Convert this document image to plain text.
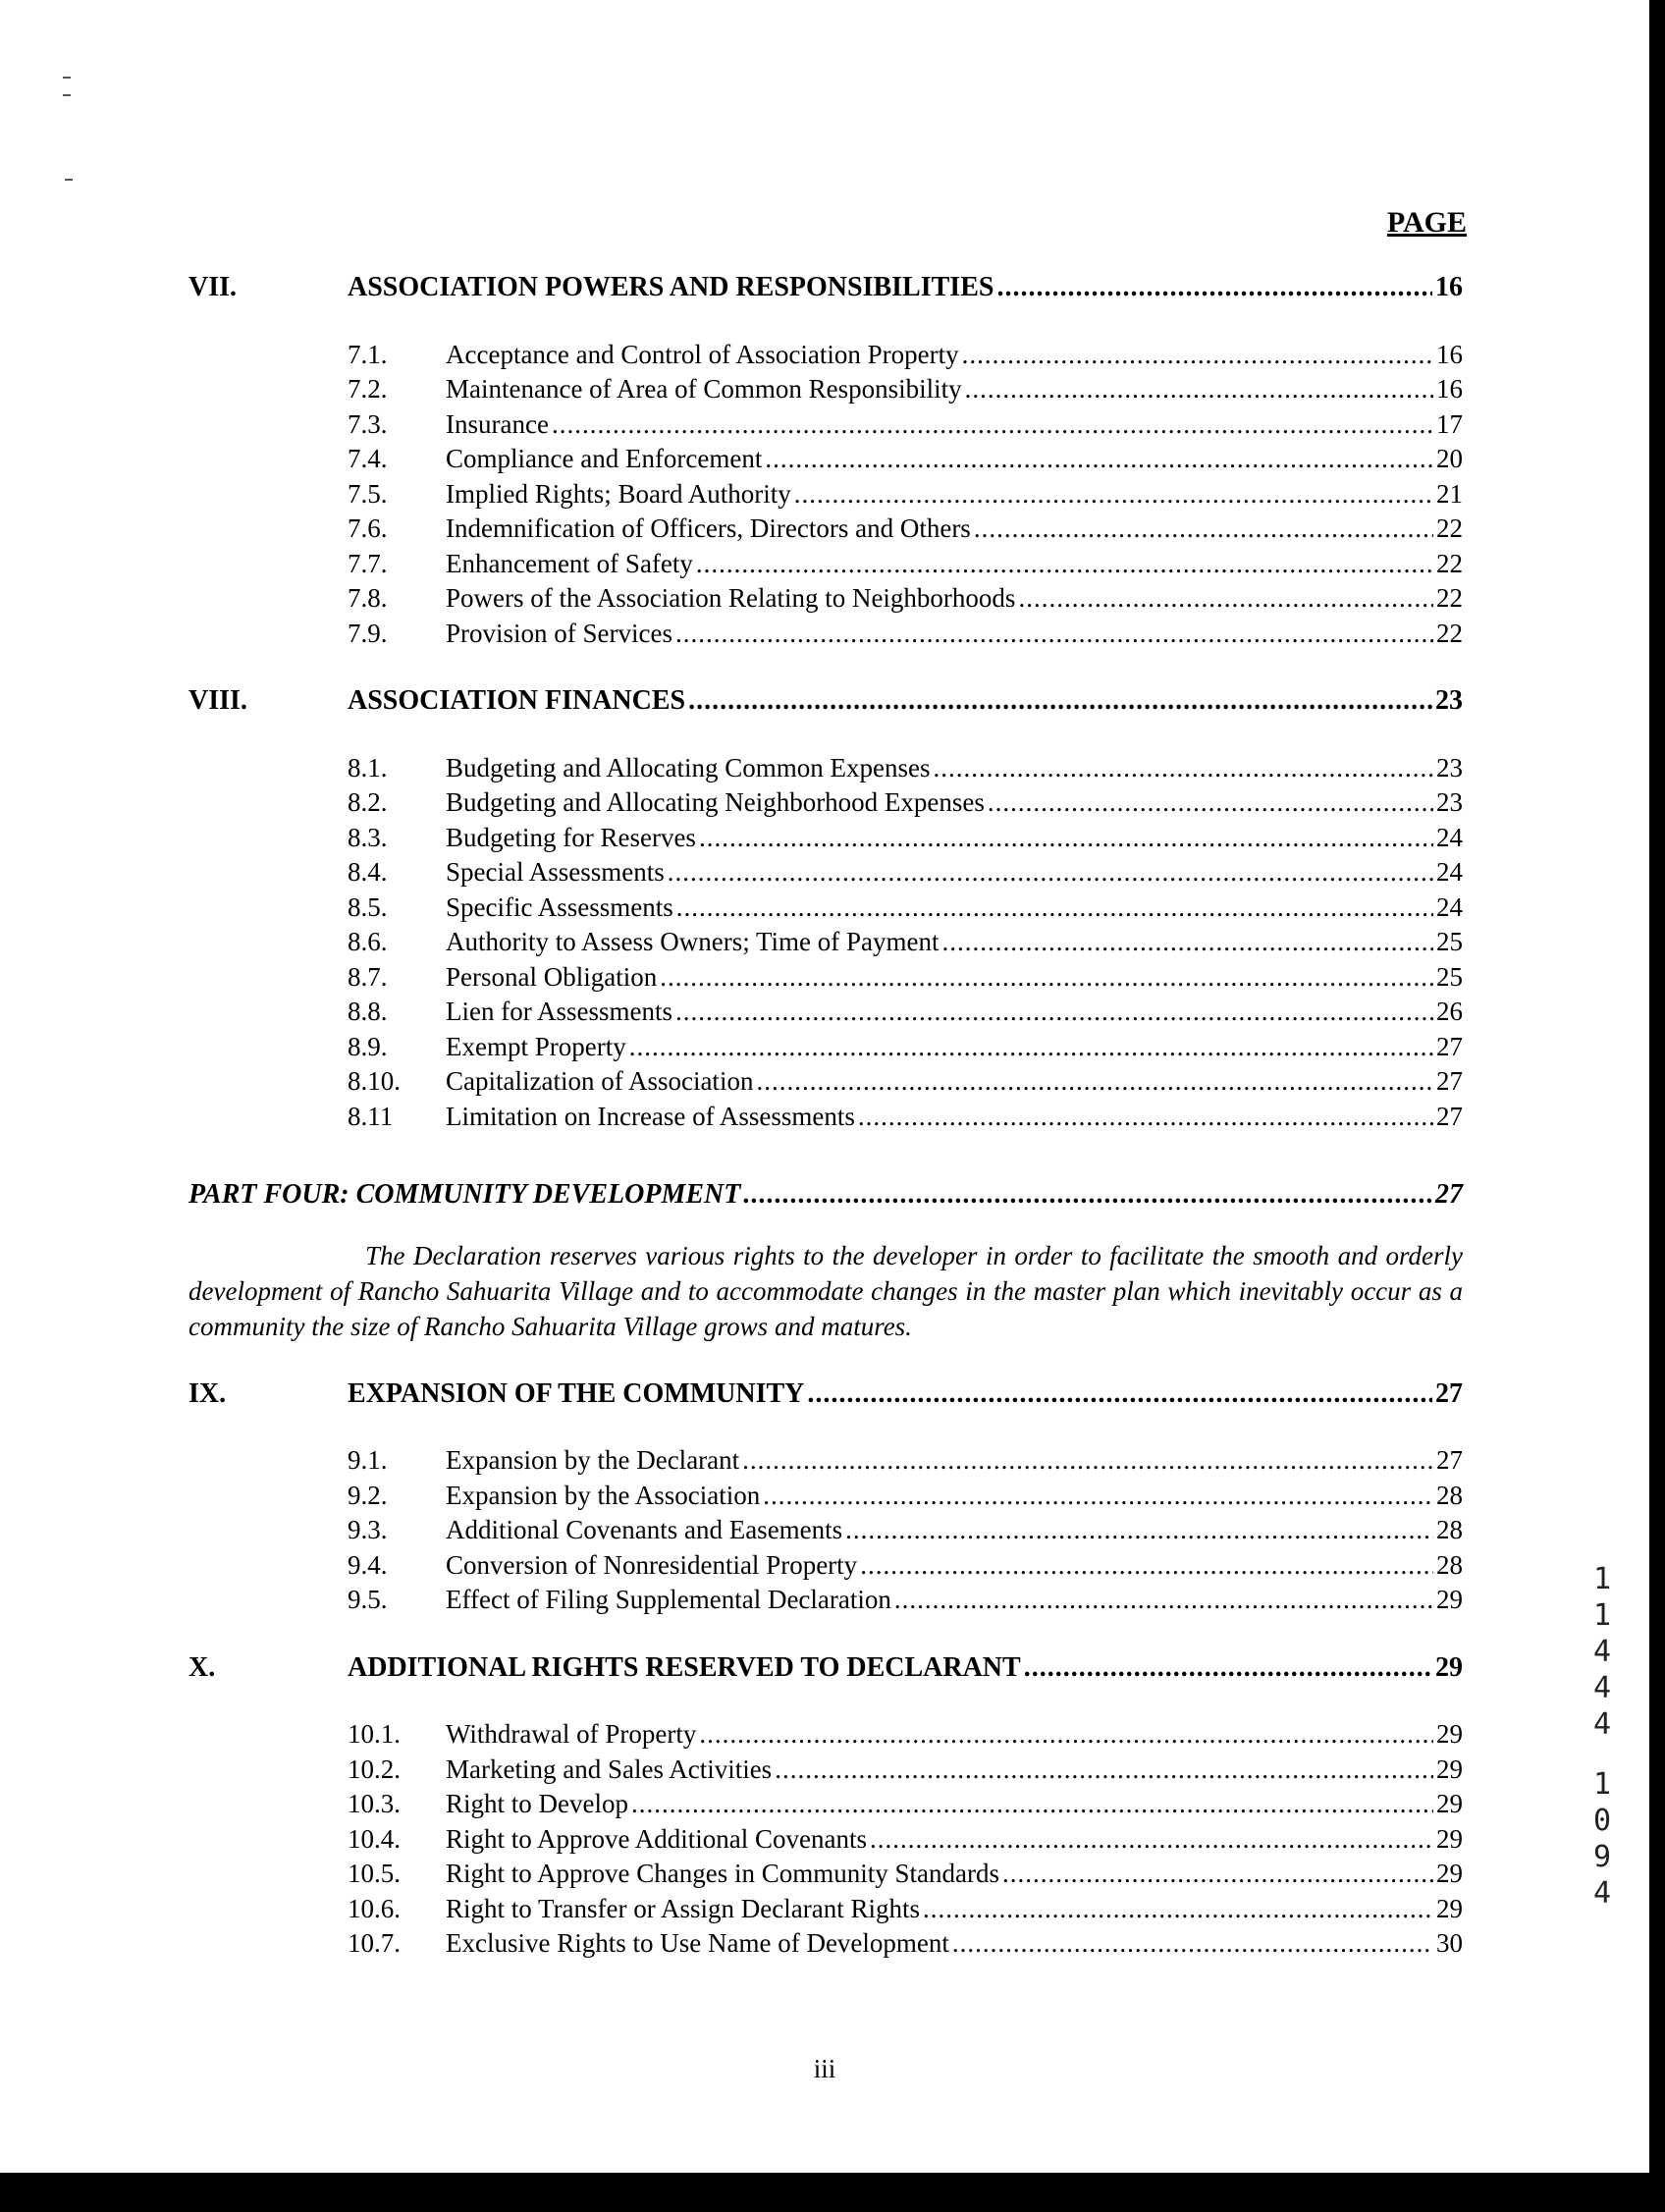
PAGE
VII.	ASSOCIATION POWERS AND RESPONSIBILITIES .....	16
7.1.	Acceptance and Control of Association Property .....	16
7.2.	Maintenance of Area of Common Responsibility .....	16
7.3.	Insurance .....	17
7.4.	Compliance and Enforcement .....	20
7.5.	Implied Rights; Board Authority .....	21
7.6.	Indemnification of Officers, Directors and Others .....	22
7.7.	Enhancement of Safety .....	22
7.8.	Powers of the Association Relating to Neighborhoods .....	22
7.9.	Provision of Services .....	22
VIII.	ASSOCIATION FINANCES .....	23
8.1.	Budgeting and Allocating Common Expenses .....	23
8.2.	Budgeting and Allocating Neighborhood Expenses .....	23
8.3.	Budgeting for Reserves .....	24
8.4.	Special Assessments .....	24
8.5.	Specific Assessments .....	24
8.6.	Authority to Assess Owners; Time of Payment .....	25
8.7.	Personal Obligation .....	25
8.8.	Lien for Assessments .....	26
8.9.	Exempt Property .....	27
8.10.	Capitalization of Association .....	27
8.11	Limitation on Increase of Assessments .....	27
PART FOUR: COMMUNITY DEVELOPMENT .....	27
The Declaration reserves various rights to the developer in order to facilitate the smooth and orderly development of Rancho Sahuarita Village and to accommodate changes in the master plan which inevitably occur as a community the size of Rancho Sahuarita Village grows and matures.
IX.	EXPANSION OF THE COMMUNITY .....	27
9.1.	Expansion by the Declarant .....	27
9.2.	Expansion by the Association .....	28
9.3.	Additional Covenants and Easements .....	28
9.4.	Conversion of Nonresidential Property .....	28
9.5.	Effect of Filing Supplemental Declaration .....	29
X.	ADDITIONAL RIGHTS RESERVED TO DECLARANT .....	29
10.1.	Withdrawal of Property .....	29
10.2.	Marketing and Sales Activities .....	29
10.3.	Right to Develop .....	29
10.4.	Right to Approve Additional Covenants .....	29
10.5.	Right to Approve Changes in Community Standards .....	29
10.6.	Right to Transfer or Assign Declarant Rights .....	29
10.7.	Exclusive Rights to Use Name of Development .....	30
iii
1
1
4
4
4
1
0
9
4
